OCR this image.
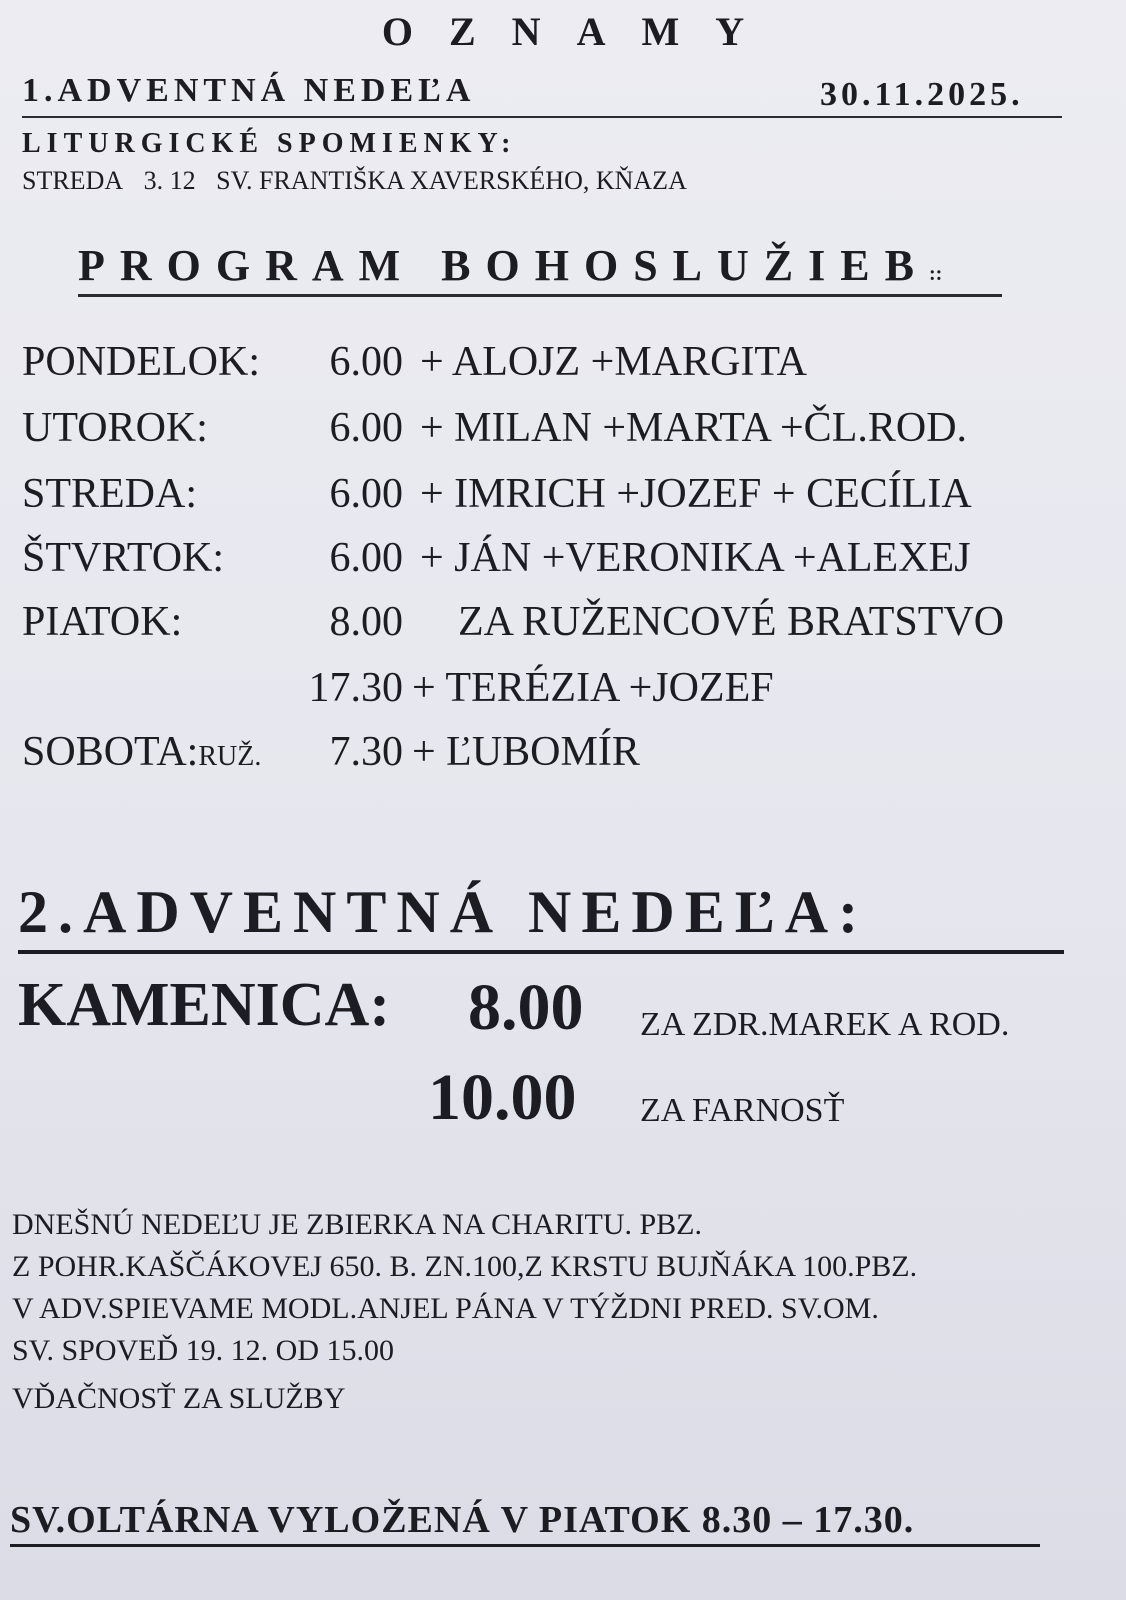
OZNAMY
1.ADVENTNÁ NEDEĽA	30.11.2025.
LITURGICKÉ SPOMIENKY:
STREDA 3. 12 SV. FRANTIŠKA XAVERSKÉHO, KŇAZA
PROGRAM BOHOSLUŽIEB::
PONDELOK:	6.00 + ALOJZ +MARGITA
UTOROK:	6.00 + MILAN +MARTA +ČL.ROD.
STREDA:	6.00 + IMRICH +JOZEF + CECÍLIA
ŠTVRTOK:	6.00 + JÁN +VERONIKA +ALEXEJ
PIATOK:	8.00 ZA RUŽENCOVÉ BRATSTVO
17.30 + TERÉZIA +JOZEF
SOBOTA:RUŽ.	7.30 + ĽUBOMÍR
2.ADVENTNÁ NEDEĽA:
KAMENICA: 8.00 ZA ZDR.MAREK A ROD.
10.00 ZA FARNOSŤ
DNEŠNÚ NEDEĽU JE ZBIERKA NA CHARITU. PBZ.
Z POHR.KAŠČÁKOVEJ 650. B. ZN.100,Z KRSTU BUJŇÁKA 100.PBZ.
V ADV.SPIEVAME MODL.ANJEL PÁNA V TÝŽDNI PRED. SV.OM.
SV. SPOVEĎ 19. 12. OD 15.00
VĎAČNOSŤ ZA SLUŽBY
SV.OLTÁRNA VYLOŽENÁ V PIATOK 8.30 – 17.30.
